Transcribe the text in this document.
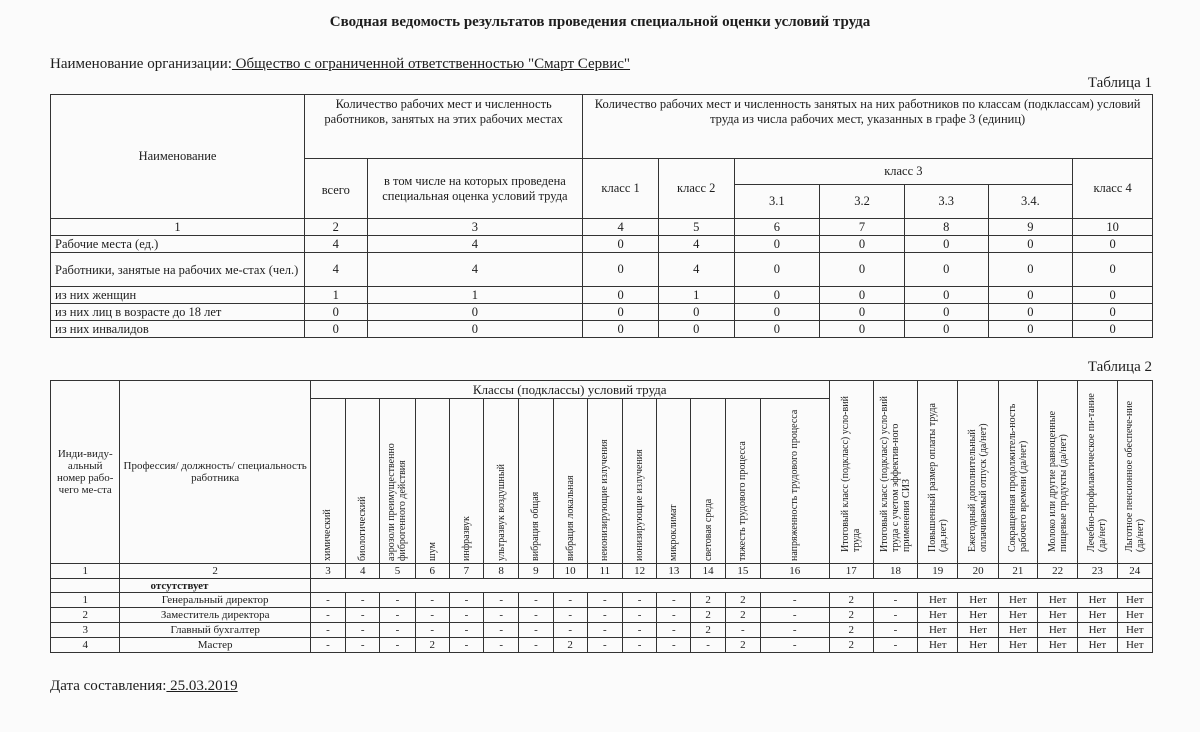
Сводная ведомость результатов проведения специальной оценки условий труда
Наименование организации: Общество с ограниченной ответственностью "Смарт Сервис"
Таблица 1
Наименование	Количество рабочих мест и численность работников, занятых на этих рабочих местах		Количество рабочих мест и численность занятых на них работников по классам (подклассам) условий труда из числа рабочих мест, указанных в графе 3 (единиц)						
	всего	в том числе на которых проведена специальная оценка условий труда	класс 1	класс 2	класс 3				класс 4
					3.1	3.2	3.3	3.4.	
1	2	3	4	5	6	7	8	9	10
Рабочие места (ед.)	4	4	0	4	0	0	0	0	0
Работники, занятые на рабочих ме-стах (чел.)	4	4	0	4	0	0	0	0	0
из них женщин	1	1	0	1	0	0	0	0	0
из них лиц в возрасте до 18 лет	0	0	0	0	0	0	0	0	0
из них инвалидов	0	0	0	0	0	0	0	0	0
Таблица 2
Инди-виду-альный номер рабо-чего ме-ста	Профессия/ должность/ специальность работника	Классы (подклассы) условий труда														Итоговый класс (подкласс) усло-вий труда	Итоговый класс (подкласс) усло-вий труда с учетом эффектив-ного применения СИЗ	Повышенный размер оплаты труда (да,нет)	Ежегодный дополнительный оплачиваемый отпуск (да/нет)	Сокращенная продолжитель-ность рабочего времени (да/нет)	Молоко или другие равноценные пищевые продукты (да/нет)	Лечебно-профилактическое пи-тание (да/нет)	Льготное пенсионное обеспече-ние (да/нет)

		химический	биологический	аэрозоли преимущественно фиброгенного действия	шум	инфразвук	ультразвук воздушный	вибрация общая	вибрация локальная	неионизирующие излучения	ионизирующие излучения	микроклимат	световая среда	тяжесть трудового процесса	напряженность трудового процесса								

1	2	3	4	5	6	7	8	9	10	11	12	13	14	15	16	17	18	19	20	21	22	23	24
	отсутствует																						
1	Генеральный директор	-	-	-	-	-	-	-	-	-	-	-	2	2	-	2	-	Нет	Нет	Нет	Нет	Нет	Нет
2	Заместитель директора	-	-	-	-	-	-	-	-	-	-	-	2	2	-	2	-	Нет	Нет	Нет	Нет	Нет	Нет
3	Главный бухгалтер	-	-	-	-	-	-	-	-	-	-	-	2	-	-	2	-	Нет	Нет	Нет	Нет	Нет	Нет
4	Мастер	-	-	-	2	-	-	-	2	-	-	-	-	2	-	2	-	Нет	Нет	Нет	Нет	Нет	Нет
Дата составления: 25.03.2019
